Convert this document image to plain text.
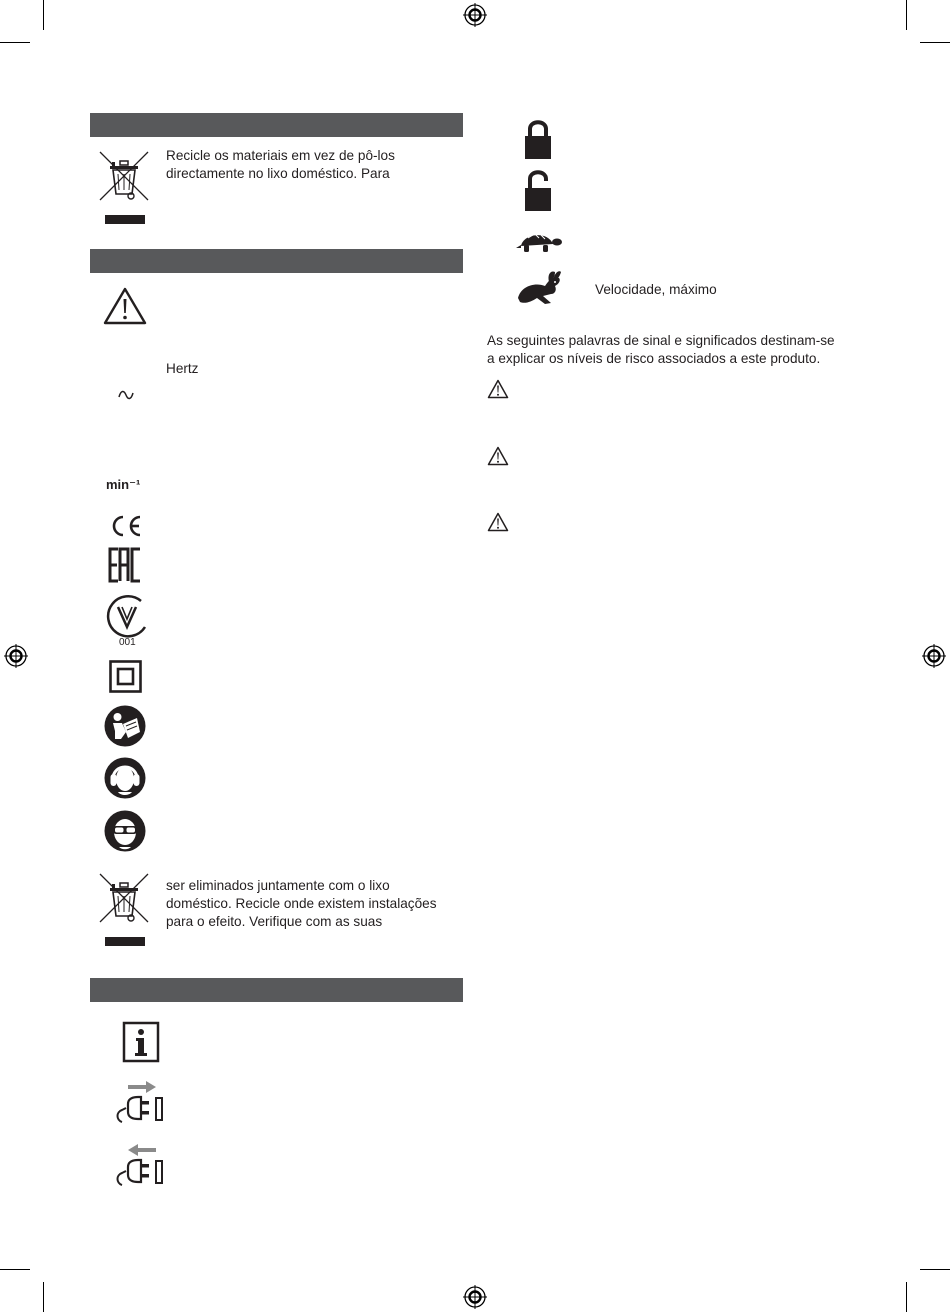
Recicle os materiais em vez de pô-los
directamente no lixo doméstico. Para
Hertz
min⁻¹
001
ser eliminados juntamente com o lixo
doméstico. Recicle onde existem instalações
para o efeito. Verifique com as suas
Velocidade, máximo
As seguintes palavras de sinal e significados destinam-se
a explicar os níveis de risco associados a este produto.
